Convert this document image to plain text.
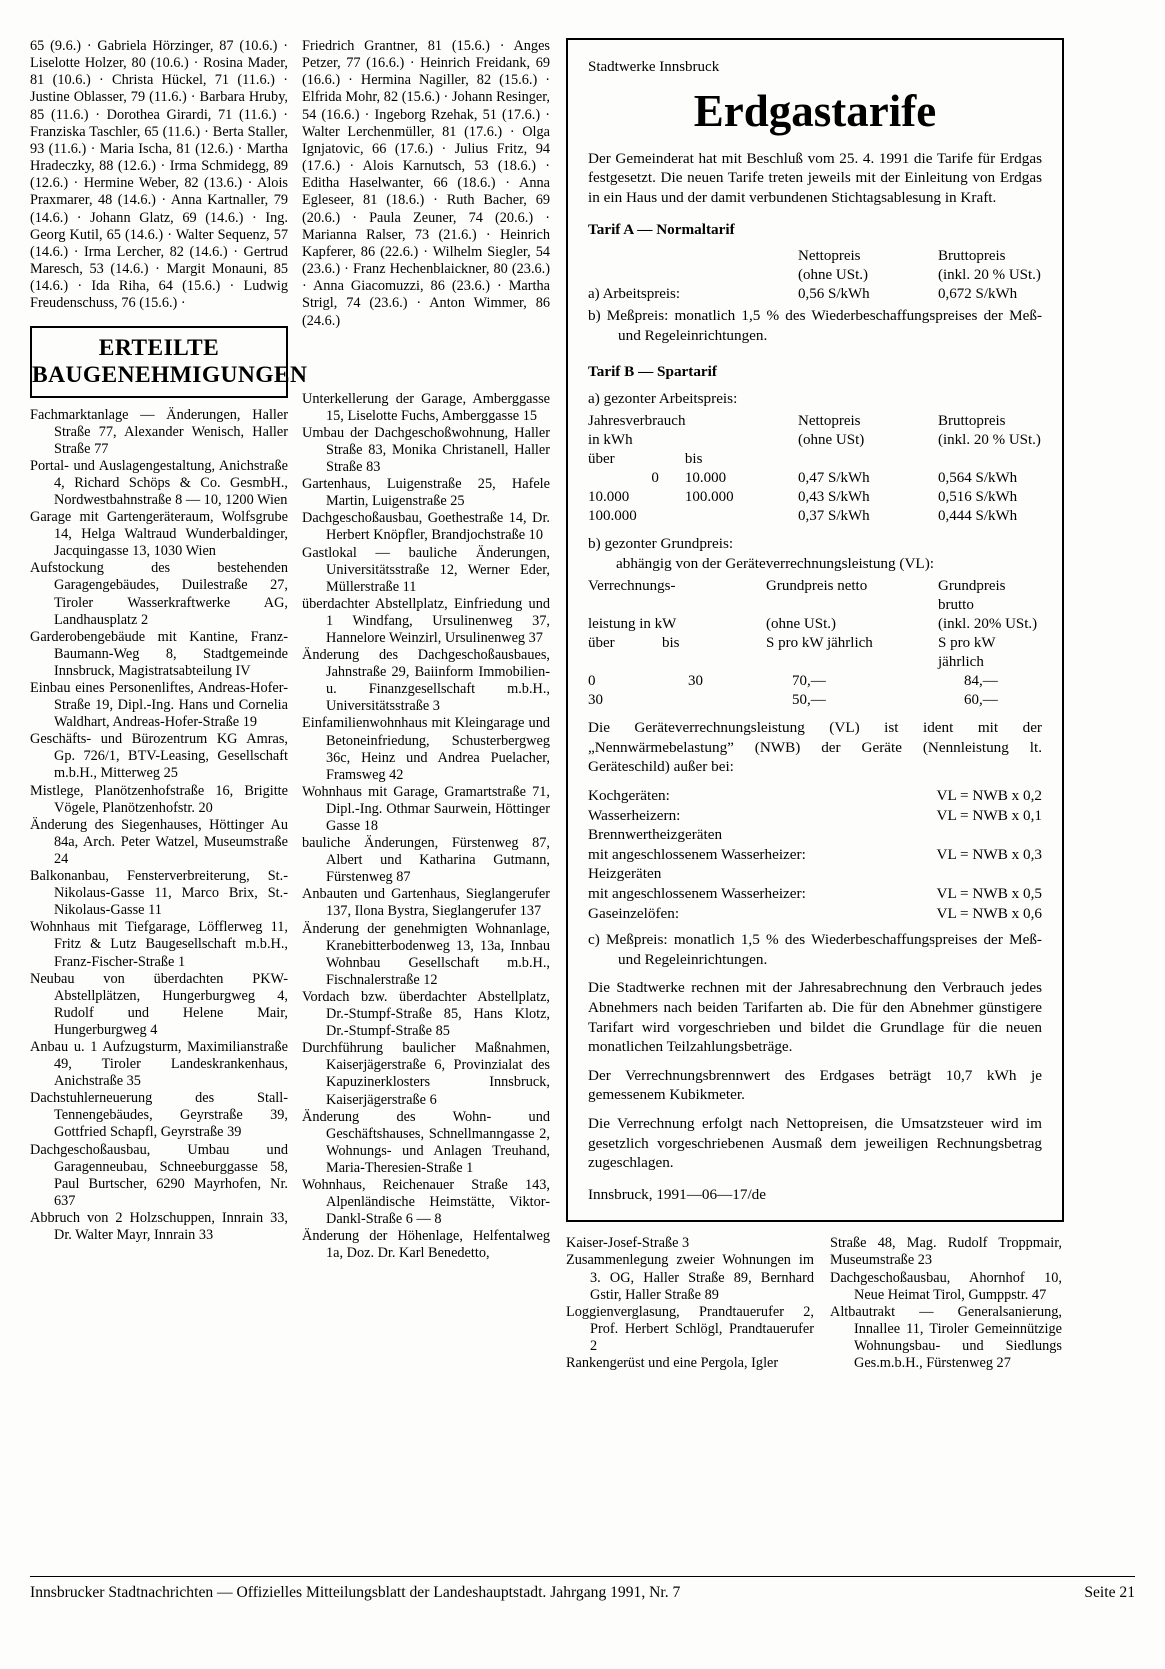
65 (9.6.) · Gabriela Hörzinger, 87 (10.6.) · Liselotte Holzer, 80 (10.6.) · Rosina Mader, 81 (10.6.) · Christa Hückel, 71 (11.6.) · Justine Oblasser, 79 (11.6.) · Barbara Hruby, 85 (11.6.) · Dorothea Girardi, 71 (11.6.) · Franziska Taschler, 65 (11.6.) · Berta Staller, 93 (11.6.) · Maria Ischa, 81 (12.6.) · Martha Hradeczky, 88 (12.6.) · Irma Schmidegg, 89 (12.6.) · Hermine Weber, 82 (13.6.) · Alois Praxmarer, 48 (14.6.) · Anna Kartnaller, 79 (14.6.) · Johann Glatz, 69 (14.6.) · Ing. Georg Kutil, 65 (14.6.) · Walter Sequenz, 57 (14.6.) · Irma Lercher, 82 (14.6.) · Gertrud Maresch, 53 (14.6.) · Margit Monauni, 85 (14.6.) · Ida Riha, 64 (15.6.) · Ludwig Freudenschuss, 76 (15.6.) ·

ERTEILTE BAUGENEHMIGUNGEN

Fachmarktanlage — Änderungen, Haller Straße 77, Alexander Wenisch, Haller Straße 77

Portal- und Auslagengestaltung, Anichstraße 4, Richard Schöps & Co. GesmbH., Nordwestbahnstraße 8 — 10, 1200 Wien

Garage mit Gartengeräteraum, Wolfsgrube 14, Helga Waltraud Wunderbaldinger, Jacquingasse 13, 1030 Wien

Aufstockung des bestehenden Garagengebäudes, Duilestraße 27, Tiroler Wasserkraftwerke AG, Landhausplatz 2

Garderobengebäude mit Kantine, Franz-Baumann-Weg 8, Stadtgemeinde Innsbruck, Magistratsabteilung IV

Einbau eines Personenliftes, Andreas-Hofer-Straße 19, Dipl.-Ing. Hans und Cornelia Waldhart, Andreas-Hofer-Straße 19

Geschäfts- und Bürozentrum KG Amras, Gp. 726/1, BTV-Leasing, Gesellschaft m.b.H., Mitterweg 25

Mistlege, Planötzenhofstraße 16, Brigitte Vögele, Planötzenhofstr. 20

Änderung des Siegenhauses, Höttinger Au 84a, Arch. Peter Watzel, Museumstraße 24

Balkonanbau, Fensterverbreiterung, St.-Nikolaus-Gasse 11, Marco Brix, St.-Nikolaus-Gasse 11

Wohnhaus mit Tiefgarage, Löfflerweg 11, Fritz & Lutz Baugesellschaft m.b.H., Franz-Fischer-Straße 1

Neubau von überdachten PKW-Abstellplätzen, Hungerburgweg 4, Rudolf und Helene Mair, Hungerburgweg 4

Anbau u. 1 Aufzugsturm, Maximilianstraße 49, Tiroler Landeskrankenhaus, Anichstraße 35

Dachstuhlerneuerung des Stall-Tennengebäudes, Geyrstraße 39, Gottfried Schapfl, Geyrstraße 39

Dachgeschoßausbau, Umbau und Garagenneubau, Schneeburggasse 58, Paul Burtscher, 6290 Mayrhofen, Nr. 637

Abbruch von 2 Holzschuppen, Innrain 33, Dr. Walter Mayr, Innrain 33

Friedrich Grantner, 81 (15.6.) · Anges Petzer, 77 (16.6.) · Heinrich Freidank, 69 (16.6.) · Hermina Nagiller, 82 (15.6.) · Elfrida Mohr, 82 (15.6.) · Johann Resinger, 54 (16.6.) · Ingeborg Rzehak, 51 (17.6.) · Walter Lerchenmüller, 81 (17.6.) · Olga Ignjatovic, 66 (17.6.) · Julius Fritz, 94 (17.6.) · Alois Karnutsch, 53 (18.6.) · Editha Haselwanter, 66 (18.6.) · Anna Egleseer, 81 (18.6.) · Ruth Bacher, 69 (20.6.) · Paula Zeuner, 74 (20.6.) · Marianna Ralser, 73 (21.6.) · Heinrich Kapferer, 86 (22.6.) · Wilhelm Siegler, 54 (23.6.) · Franz Hechenblaickner, 80 (23.6.) · Anna Giacomuzzi, 86 (23.6.) · Martha Strigl, 74 (23.6.) · Anton Wimmer, 86 (24.6.)

Unterkellerung der Garage, Amberggasse 15, Liselotte Fuchs, Amberggasse 15

Umbau der Dachgeschoßwohnung, Haller Straße 83, Monika Christanell, Haller Straße 83

Gartenhaus, Luigenstraße 25, Hafele Martin, Luigenstraße 25

Dachgeschoßausbau, Goethestraße 14, Dr. Herbert Knöpfler, Brandjochstraße 10

Gastlokal — bauliche Änderungen, Universitätsstraße 12, Werner Eder, Müllerstraße 11

überdachter Abstellplatz, Einfriedung und 1 Windfang, Ursulinenweg 37, Hannelore Weinzirl, Ursulinenweg 37

Änderung des Dachgeschoßausbaues, Jahnstraße 29, Baiinform Immobilien- u. Finanzgesellschaft m.b.H., Universitätsstraße 3

Einfamilienwohnhaus mit Kleingarage und Betoneinfriedung, Schusterbergweg 36c, Heinz und Andrea Puelacher, Framsweg 42

Wohnhaus mit Garage, Gramartstraße 71, Dipl.-Ing. Othmar Saurwein, Höttinger Gasse 18

bauliche Änderungen, Fürstenweg 87, Albert und Katharina Gutmann, Fürstenweg 87

Anbauten und Gartenhaus, Sieglangerufer 137, Ilona Bystra, Sieglangerufer 137

Änderung der genehmigten Wohnanlage, Kranebitterbodenweg 13, 13a, Innbau Wohnbau Gesellschaft m.b.H., Fischnalerstraße 12

Vordach bzw. überdachter Abstellplatz, Dr.-Stumpf-Straße 85, Hans Klotz, Dr.-Stumpf-Straße 85

Durchführung baulicher Maßnahmen, Kaiserjägerstraße 6, Provinzialat des Kapuzinerklosters Innsbruck, Kaiserjägerstraße 6

Änderung des Wohn- und Geschäftshauses, Schnellmanngasse 2, Wohnungs- und Anlagen Treuhand, Maria-Theresien-Straße 1

Wohnhaus, Reichenauer Straße 143, Alpenländische Heimstätte, Viktor-Dankl-Straße 6 — 8

Änderung der Höhenlage, Helfentalweg 1a, Doz. Dr. Karl Benedetto,

Stadtwerke Innsbruck
Erdgastarife
Der Gemeinderat hat mit Beschluß vom 25. 4. 1991 die Tarife für Erdgas festgesetzt. Die neuen Tarife treten jeweils mit der Einleitung von Erdgas in ein Haus und der damit verbundenen Stichtagsablesung in Kraft.
Tarif A — Normaltarif
	Nettopreis	Bruttopreis
	(ohne USt.)	(inkl. 20 % USt.)
a) Arbeitspreis:	0,56 S/kWh	0,672 S/kWh
b) Meßpreis: monatlich 1,5 % des Wiederbeschaffungspreises der Meß- und Regeleinrichtungen.
Tarif B — Spartarif
a) gezonter Arbeitspreis:
Jahresverbrauch		Nettopreis	Bruttopreis
in kWh		(ohne USt)	(inkl. 20 % USt.)
über	bis		
0	10.000	0,47 S/kWh	0,564 S/kWh
10.000	100.000	0,43 S/kWh	0,516 S/kWh
100.000		0,37 S/kWh	0,444 S/kWh
b) gezonter Grundpreis:
abhängig von der Geräteverrechnungsleistung (VL):
Verrechnungs-		Grundpreis netto	Grundpreis brutto
leistung in kW		(ohne USt.)	(inkl. 20% USt.)
über	bis	S pro kW jährlich	S pro kW jährlich
0	30	70,—	84,—
30		50,—	60,—
Die Geräteverrechnungsleistung (VL) ist ident mit der „Nennwärmebelastung” (NWB) der Geräte (Nennleistung lt. Geräteschild) außer bei:
Kochgeräten:	VL = NWB x 0,2
Wasserheizern:	VL = NWB x 0,1
Brennwertheizgeräten
mit angeschlossenem Wasserheizer:	VL = NWB x 0,3
Heizgeräten
mit angeschlossenem Wasserheizer:	VL = NWB x 0,5
Gaseinzelöfen:	VL = NWB x 0,6
c) Meßpreis: monatlich 1,5 % des Wiederbeschaffungspreises der Meß- und Regeleinrichtungen.
Die Stadtwerke rechnen mit der Jahresabrechnung den Verbrauch jedes Abnehmers nach beiden Tarifarten ab. Die für den Abnehmer günstigere Tarifart wird vorgeschrieben und bildet die Grundlage für die neuen monatlichen Teilzahlungsbeträge.
Der Verrechnungsbrennwert des Erdgases beträgt 10,7 kWh je gemessenem Kubikmeter.
Die Verrechnung erfolgt nach Nettopreisen, die Umsatzsteuer wird im gesetzlich vorgeschriebenen Ausmaß dem jeweiligen Rechnungsbetrag zugeschlagen.
Innsbruck, 1991—06—17/de

Kaiser-Josef-Straße 3

Zusammenlegung zweier Wohnungen im 3. OG, Haller Straße 89, Bernhard Gstir, Haller Straße 89

Loggienverglasung, Prandtauerufer 2, Prof. Herbert Schlögl, Prandtauerufer 2

Rankengerüst und eine Pergola, Igler

Straße 48, Mag. Rudolf Troppmair, Museumstraße 23

Dachgeschoßausbau, Ahornhof 10, Neue Heimat Tirol, Gumppstr. 47

Altbautrakt — Generalsanierung, Innallee 11, Tiroler Gemeinnützige Wohnungsbau- und Siedlungs Ges.m.b.H., Fürstenweg 27

Innsbrucker Stadtnachrichten — Offizielles Mitteilungsblatt der Landeshauptstadt. Jahrgang 1991, Nr. 7	Seite 21
